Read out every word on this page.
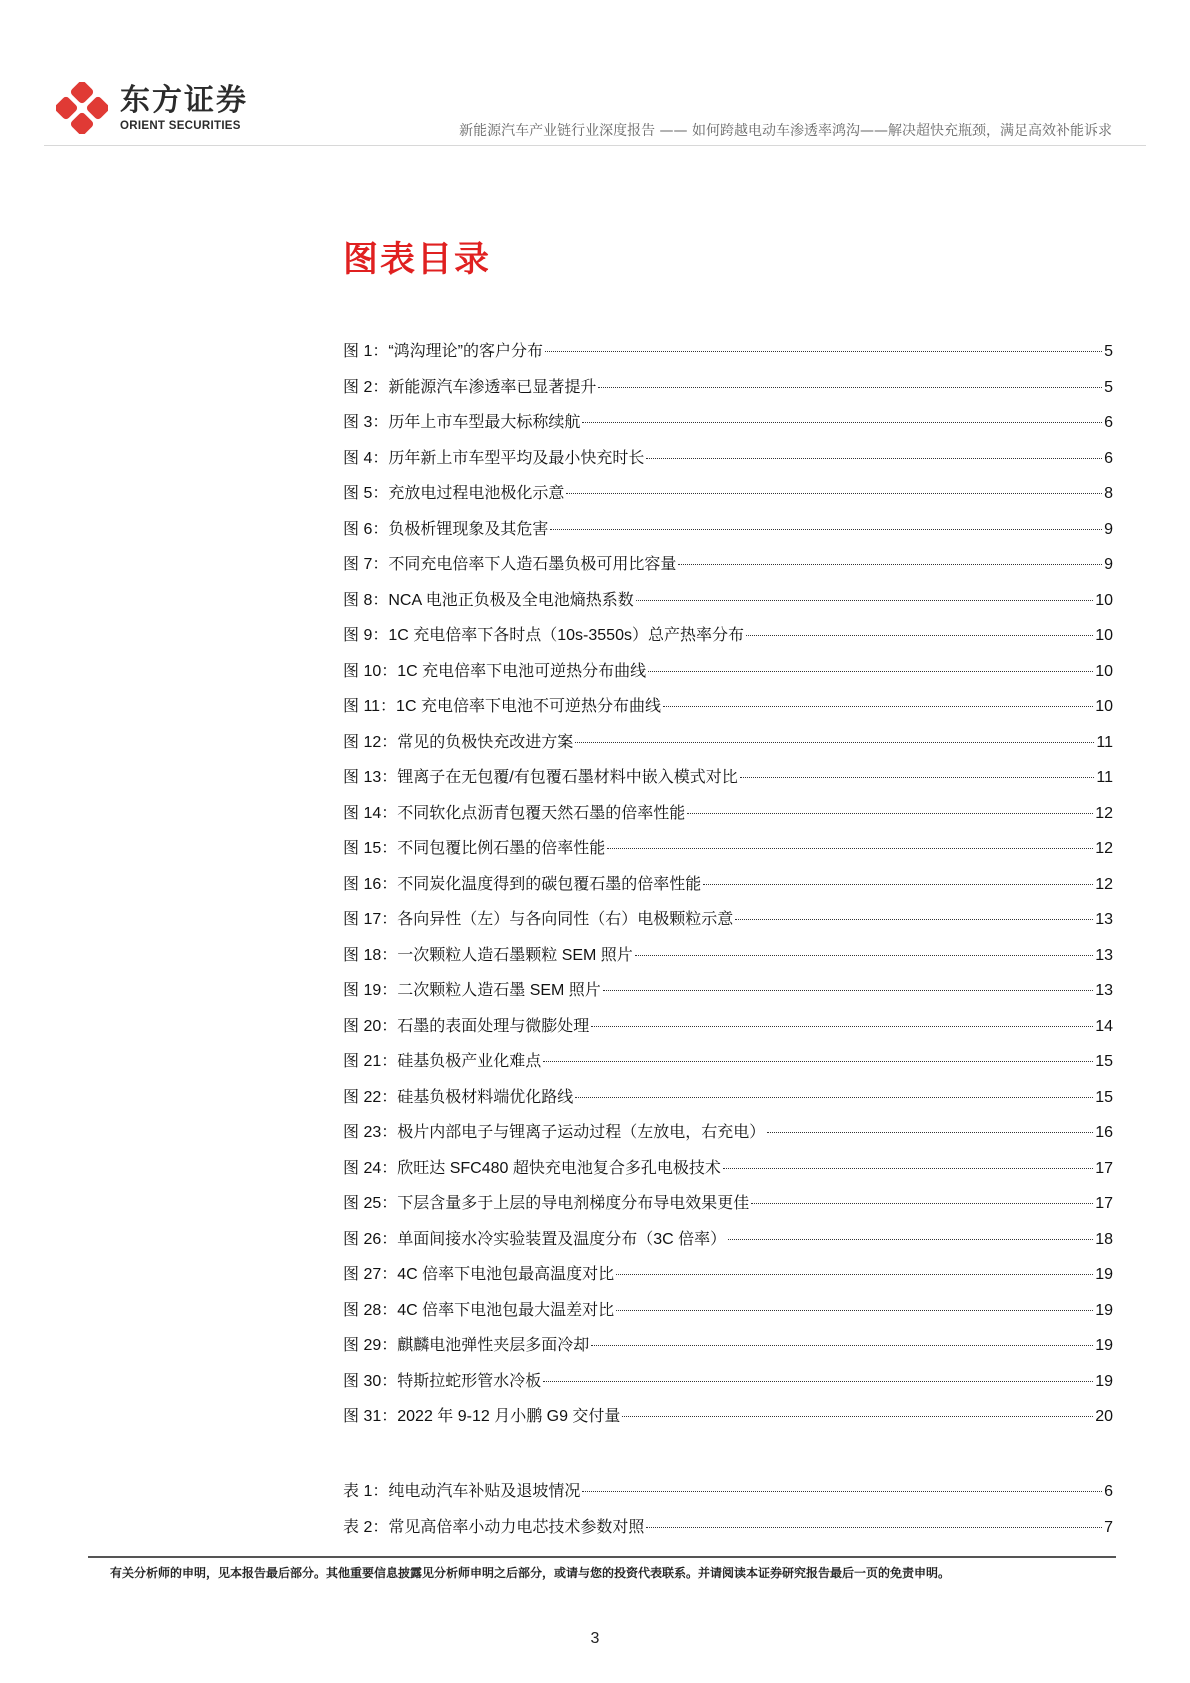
东方证券
ORIENT SECURITIES	新能源汽车产业链行业深度报告 —— 如何跨越电动车渗透率鸿沟——解决超快充瓶颈，满足高效补能诉求
图表目录
图 1：“鸿沟理论”的客户分布	5
图 2：新能源汽车渗透率已显著提升	5
图 3：历年上市车型最大标称续航	6
图 4：历年新上市车型平均及最小快充时长	6
图 5：充放电过程电池极化示意	8
图 6：负极析锂现象及其危害	9
图 7：不同充电倍率下人造石墨负极可用比容量	9
图 8：NCA 电池正负极及全电池熵热系数	10
图 9：1C 充电倍率下各时点（10s-3550s）总产热率分布	10
图 10：1C 充电倍率下电池可逆热分布曲线	10
图 11：1C 充电倍率下电池不可逆热分布曲线	10
图 12：常见的负极快充改进方案	11
图 13：锂离子在无包覆/有包覆石墨材料中嵌入模式对比	11
图 14：不同软化点沥青包覆天然石墨的倍率性能	12
图 15：不同包覆比例石墨的倍率性能	12
图 16：不同炭化温度得到的碳包覆石墨的倍率性能	12
图 17：各向异性（左）与各向同性（右）电极颗粒示意	13
图 18：一次颗粒人造石墨颗粒 SEM 照片	13
图 19：二次颗粒人造石墨 SEM 照片	13
图 20：石墨的表面处理与微膨处理	14
图 21：硅基负极产业化难点	15
图 22：硅基负极材料端优化路线	15
图 23：极片内部电子与锂离子运动过程（左放电，右充电）	16
图 24：欣旺达 SFC480 超快充电池复合多孔电极技术	17
图 25：下层含量多于上层的导电剂梯度分布导电效果更佳	17
图 26：单面间接水冷实验装置及温度分布（3C 倍率）	18
图 27：4C 倍率下电池包最高温度对比	19
图 28：4C 倍率下电池包最大温差对比	19
图 29：麒麟电池弹性夹层多面冷却	19
图 30：特斯拉蛇形管水冷板	19
图 31：2022 年 9-12 月小鹏 G9 交付量	20
表 1：纯电动汽车补贴及退坡情况	6
表 2：常见高倍率小动力电芯技术参数对照	7
有关分析师的申明，见本报告最后部分。其他重要信息披露见分析师申明之后部分，或请与您的投资代表联系。并请阅读本证券研究报告最后一页的免责申明。
3
